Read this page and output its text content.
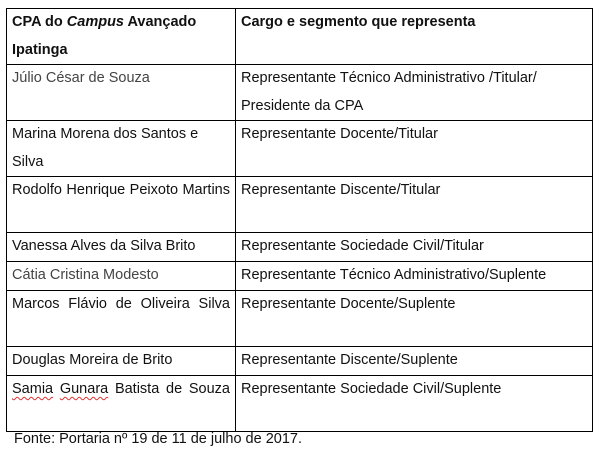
CPA do Campus Avançado Ipatinga	Cargo e segmento que representa
Júlio César de Souza	Representante Técnico Administrativo /Titular/ Presidente da CPA
Marina Morena dos Santos e Silva	Representante Docente/Titular
Rodolfo Henrique Peixoto Martins	Representante Discente/Titular
Vanessa Alves da Silva Brito	Representante Sociedade Civil/Titular
Cátia Cristina Modesto	Representante Técnico Administrativo/Suplente
Marcos Flávio de Oliveira Silva	Representante Docente/Suplente
Douglas Moreira de Brito	Representante Discente/Suplente
Samia Gunara Batista de Souza	Representante Sociedade Civil/Suplente
Fonte: Portaria nº 19 de 11 de julho de 2017.
